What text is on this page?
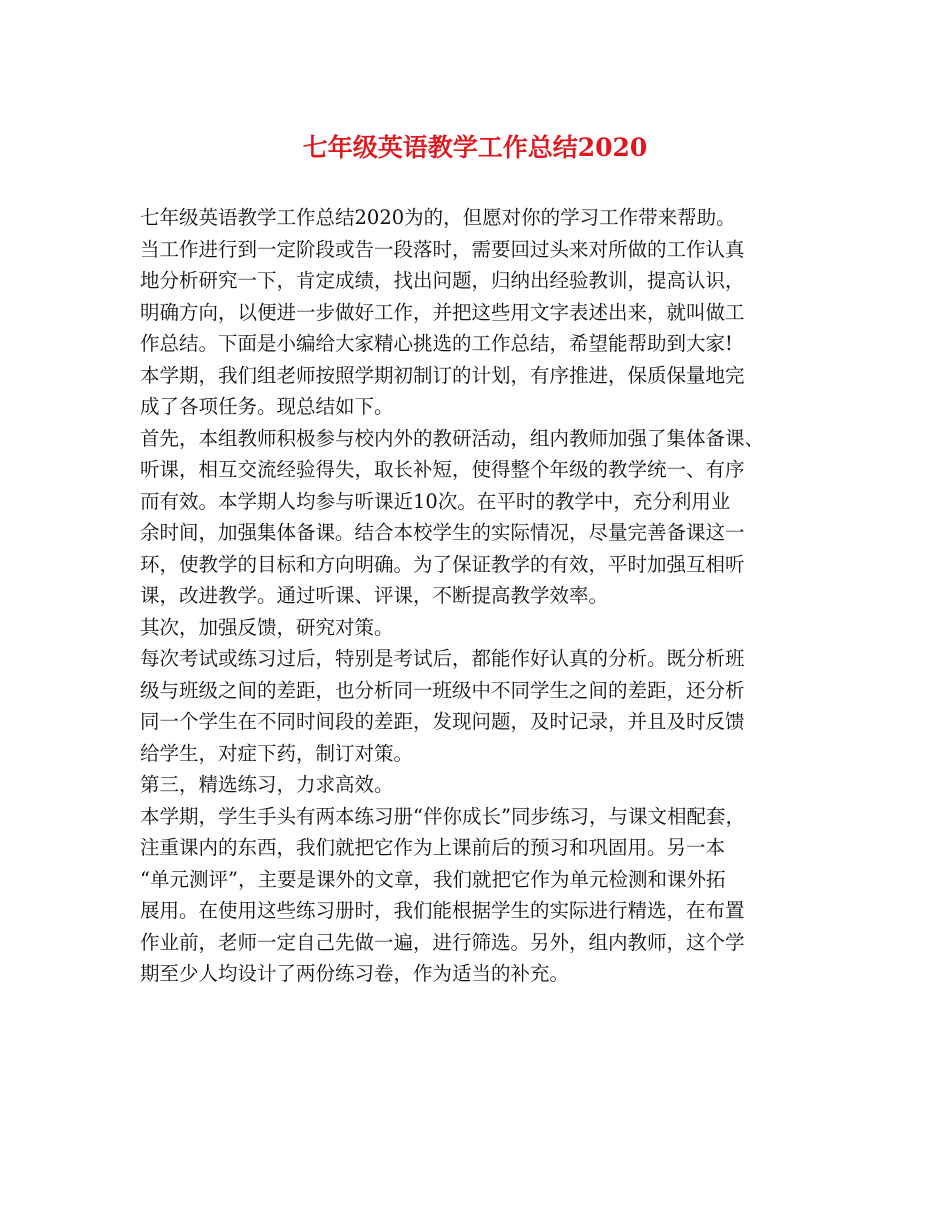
七年级英语教学工作总结2020
七年级英语教学工作总结2020为的，但愿对你的学习工作带来帮助。
当工作进行到一定阶段或告一段落时，需要回过头来对所做的工作认真
地分析研究一下，肯定成绩，找出问题，归纳出经验教训，提高认识，
明确方向，以便进一步做好工作，并把这些用文字表述出来，就叫做工
作总结。下面是小编给大家精心挑选的工作总结，希望能帮助到大家!
本学期，我们组老师按照学期初制订的计划，有序推进，保质保量地完
成了各项任务。现总结如下。
首先，本组教师积极参与校内外的教研活动，组内教师加强了集体备课、
听课，相互交流经验得失，取长补短，使得整个年级的教学统一、有序
而有效。本学期人均参与听课近10次。在平时的教学中，充分利用业
余时间，加强集体备课。结合本校学生的实际情况，尽量完善备课这一
环，使教学的目标和方向明确。为了保证教学的有效，平时加强互相听
课，改进教学。通过听课、评课，不断提高教学效率。
其次，加强反馈，研究对策。
每次考试或练习过后，特别是考试后，都能作好认真的分析。既分析班
级与班级之间的差距，也分析同一班级中不同学生之间的差距，还分析
同一个学生在不同时间段的差距，发现问题，及时记录，并且及时反馈
给学生，对症下药，制订对策。
第三，精选练习，力求高效。
本学期，学生手头有两本练习册“伴你成长”同步练习，与课文相配套，
注重课内的东西，我们就把它作为上课前后的预习和巩固用。另一本
“单元测评”，主要是课外的文章，我们就把它作为单元检测和课外拓
展用。在使用这些练习册时，我们能根据学生的实际进行精选，在布置
作业前，老师一定自己先做一遍，进行筛选。另外，组内教师，这个学
期至少人均设计了两份练习卷，作为适当的补充。
